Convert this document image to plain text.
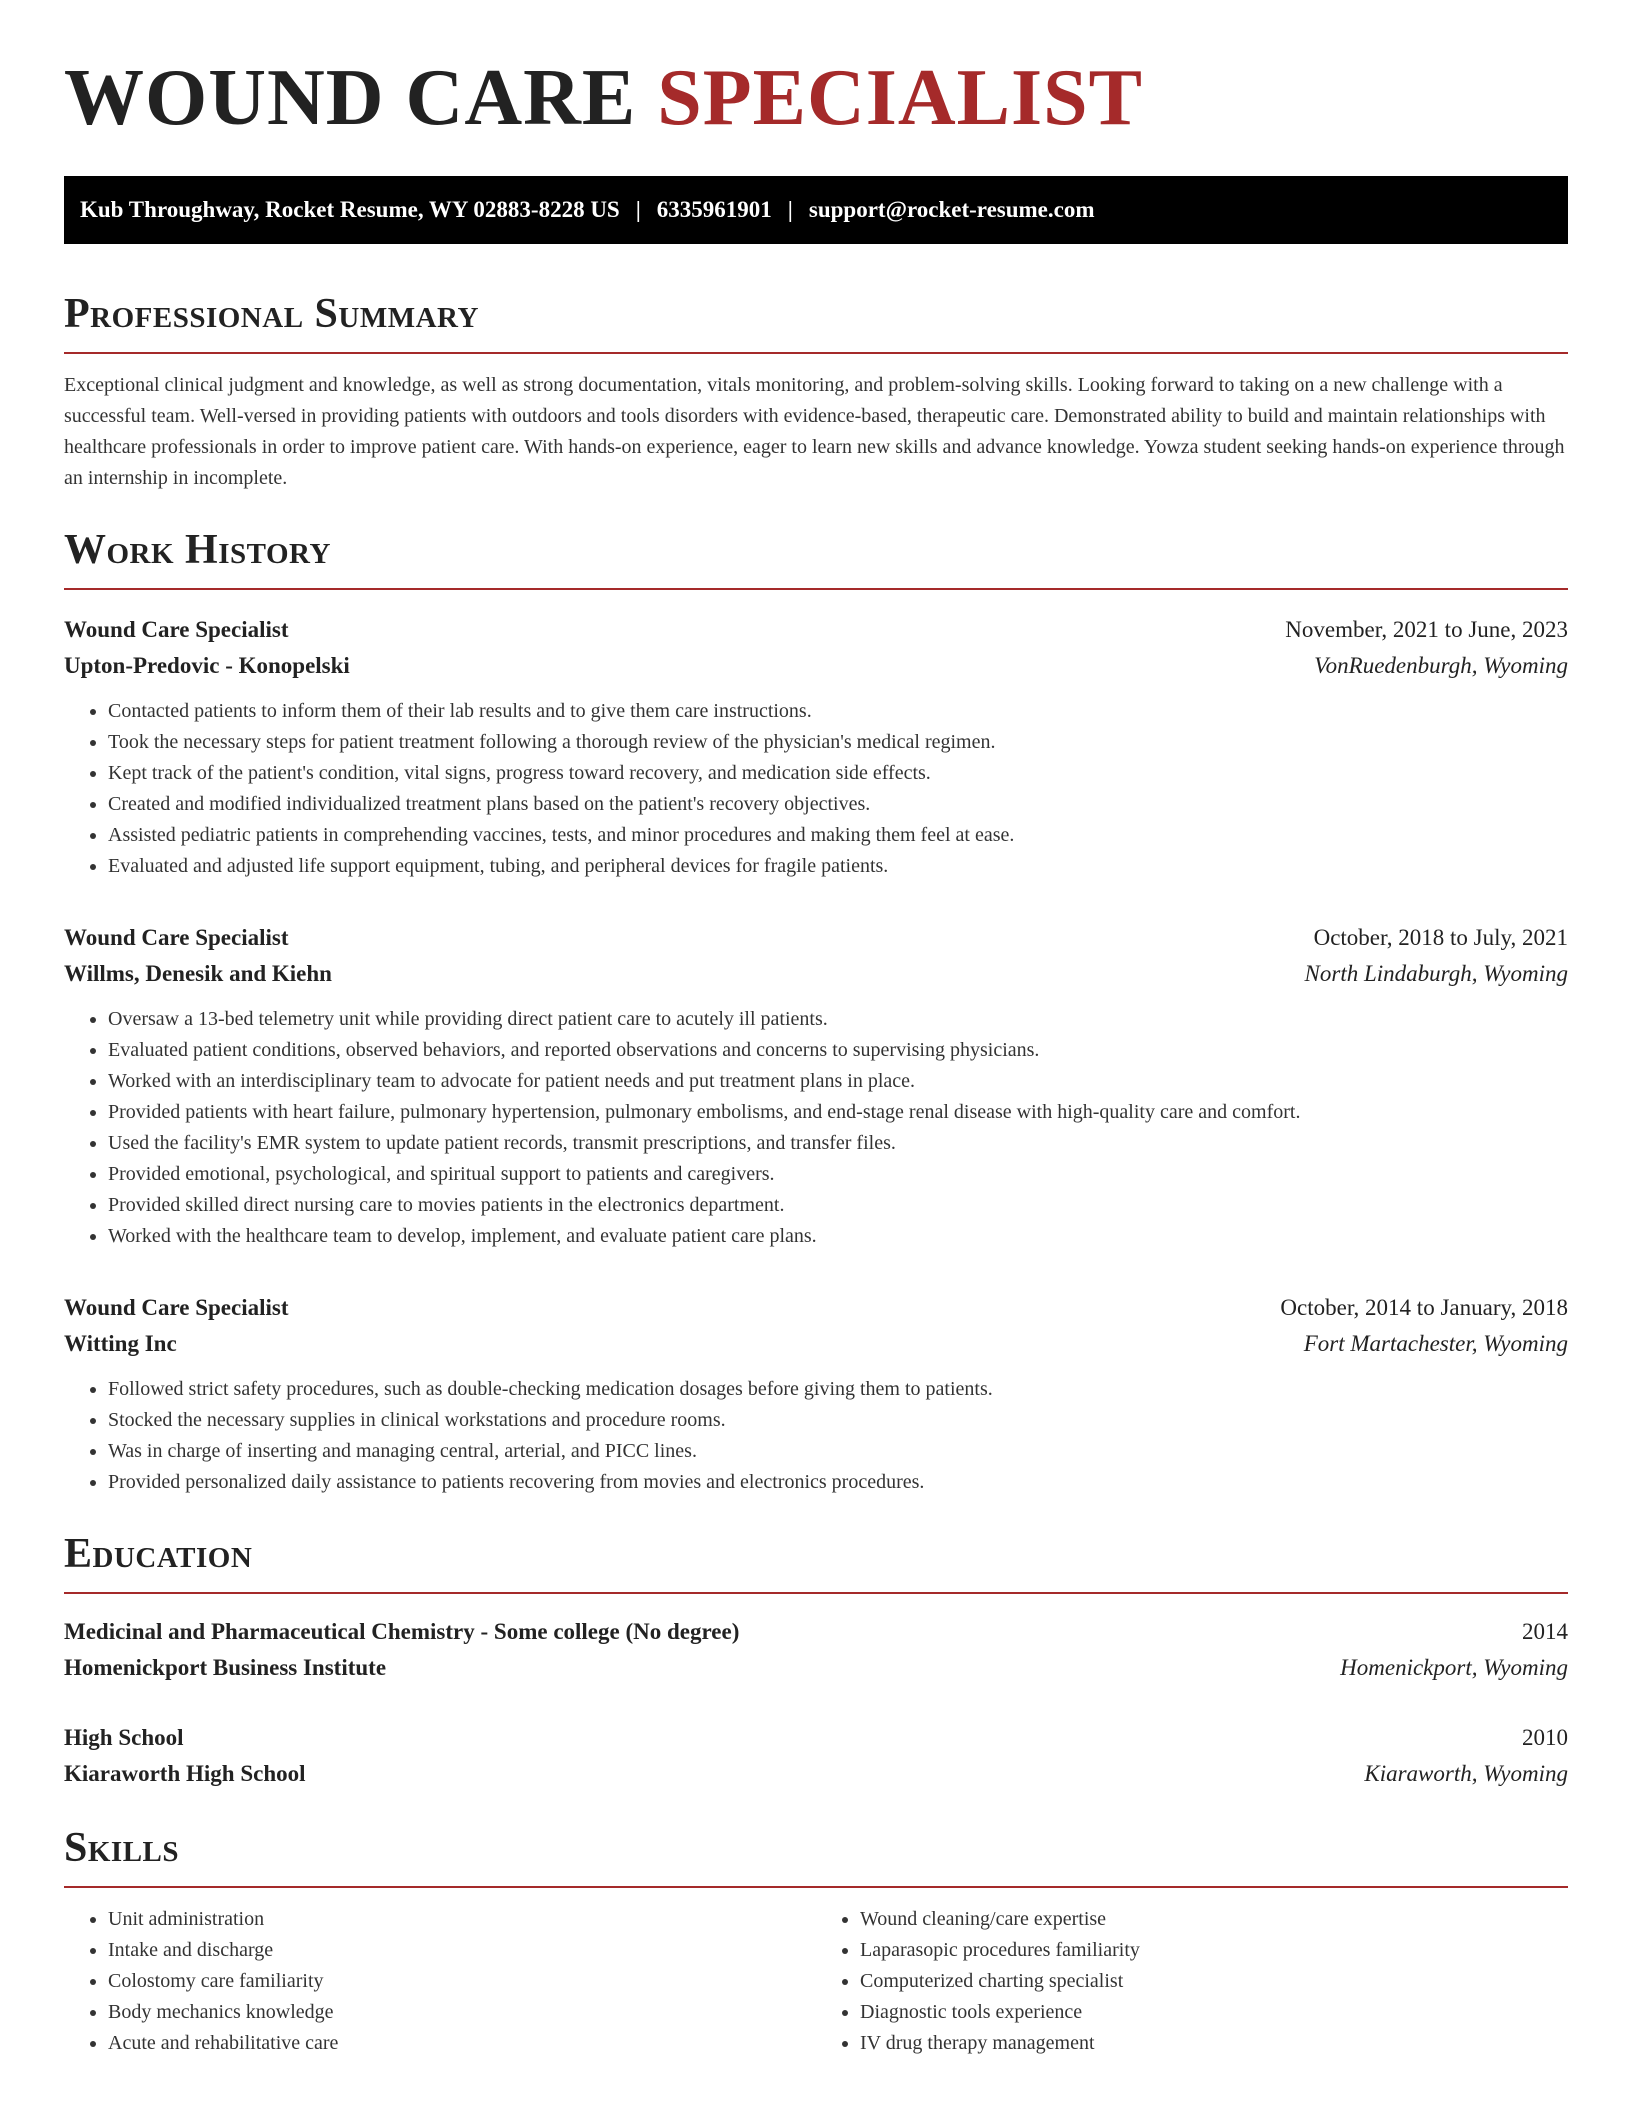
WOUND CARE SPECIALIST
Kub Throughway, Rocket Resume, WY 02883-8228 US | 6335961901 | support@rocket-resume.com
Professional Summary

Exceptional clinical judgment and knowledge, as well as strong documentation, vitals monitoring, and problem-solving skills. Looking forward to taking on a new challenge with a successful team. Well-versed in providing patients with outdoors and tools disorders with evidence-based, therapeutic care. Demonstrated ability to build and maintain relationships with healthcare professionals in order to improve patient care. With hands-on experience, eager to learn new skills and advance knowledge. Yowza student seeking hands-on experience through an internship in incomplete.

Work History
Wound Care Specialist	November, 2021 to June, 2023
Upton-Predovic - Konopelski	VonRuedenburgh, Wyoming
• Contacted patients to inform them of their lab results and to give them care instructions.
• Took the necessary steps for patient treatment following a thorough review of the physician's medical regimen.
• Kept track of the patient's condition, vital signs, progress toward recovery, and medication side effects.
• Created and modified individualized treatment plans based on the patient's recovery objectives.
• Assisted pediatric patients in comprehending vaccines, tests, and minor procedures and making them feel at ease.
• Evaluated and adjusted life support equipment, tubing, and peripheral devices for fragile patients.
Wound Care Specialist	October, 2018 to July, 2021
Willms, Denesik and Kiehn	North Lindaburgh, Wyoming
• Oversaw a 13-bed telemetry unit while providing direct patient care to acutely ill patients.
• Evaluated patient conditions, observed behaviors, and reported observations and concerns to supervising physicians.
• Worked with an interdisciplinary team to advocate for patient needs and put treatment plans in place.
• Provided patients with heart failure, pulmonary hypertension, pulmonary embolisms, and end-stage renal disease with high-quality care and comfort.
• Used the facility's EMR system to update patient records, transmit prescriptions, and transfer files.
• Provided emotional, psychological, and spiritual support to patients and caregivers.
• Provided skilled direct nursing care to movies patients in the electronics department.
• Worked with the healthcare team to develop, implement, and evaluate patient care plans.
Wound Care Specialist	October, 2014 to January, 2018
Witting Inc	Fort Martachester, Wyoming
• Followed strict safety procedures, such as double-checking medication dosages before giving them to patients.
• Stocked the necessary supplies in clinical workstations and procedure rooms.
• Was in charge of inserting and managing central, arterial, and PICC lines.
• Provided personalized daily assistance to patients recovering from movies and electronics procedures.
Education
Medicinal and Pharmaceutical Chemistry - Some college (No degree)	2014
Homenickport Business Institute	Homenickport, Wyoming
High School	2010
Kiaraworth High School	Kiaraworth, Wyoming
Skills
• Unit administration
• Intake and discharge
• Colostomy care familiarity
• Body mechanics knowledge
• Acute and rehabilitative care
• Wound cleaning/care expertise
• Laparasopic procedures familiarity
• Computerized charting specialist
• Diagnostic tools experience
• IV drug therapy management
